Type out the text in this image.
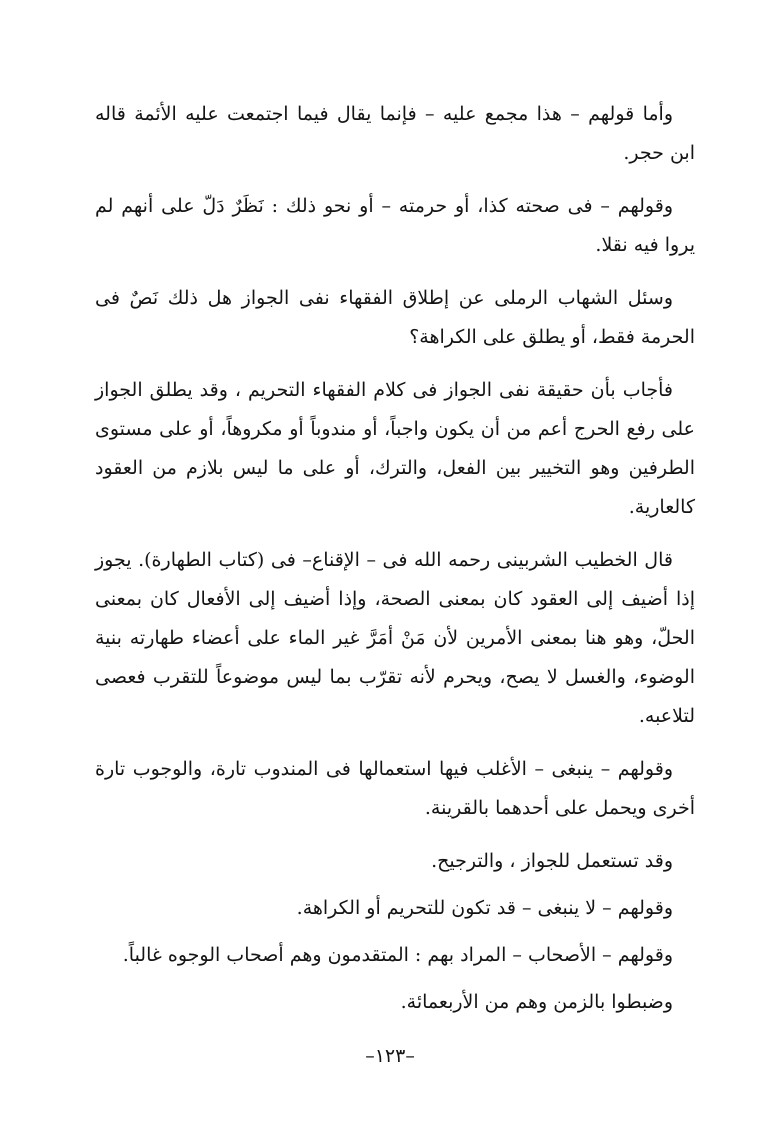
وأما قولهم – هذا مجمع عليه – فإنما يقال فيما اجتمعت عليه الأئمة قاله ابن حجر.

وقولهم – فى صحته كذا، أو حرمته – أو نحو ذلك : نَظَرٌ دَلّ على أنهم لم يروا فيه نقلا.

وسئل الشهاب الرملى عن إطلاق الفقهاء نفى الجواز هل ذلك نَصٌ فى الحرمة فقط، أو يطلق على الكراهة؟

فأجاب بأن حقيقة نفى الجواز فى كلام الفقهاء التحريم ، وقد يطلق الجواز على رفع الحرج أعم من أن يكون واجباً، أو مندوباً أو مكروهاً، أو على مستوى الطرفين وهو التخيير بين الفعل، والترك، أو على ما ليس بلازم من العقود كالعارية.

قال الخطيب الشربينى رحمه الله فى – الإقناع– فى (كتاب الطهارة). يجوز إذا أضيف إلى العقود كان بمعنى الصحة، وإذا أضيف إلى الأفعال كان بمعنى الحلّ، وهو هنا بمعنى الأمرين لأن مَنْ أمَرَّ غير الماء على أعضاء طهارته بنية الوضوء، والغسل لا يصح، ويحرم لأنه تقرّب بما ليس موضوعاً للتقرب فعصى لتلاعبه.

وقولهم – ينبغى – الأغلب فيها استعمالها فى المندوب تارة، والوجوب تارة أخرى ويحمل على أحدهما بالقرينة.

وقد تستعمل للجواز ، والترجيح.

وقولهم – لا ينبغى – قد تكون للتحريم أو الكراهة.

وقولهم – الأصحاب – المراد بهم : المتقدمون وهم أصحاب الوجوه غالباً.

وضبطوا بالزمن وهم من الأربعمائة.

–١٢٣–
